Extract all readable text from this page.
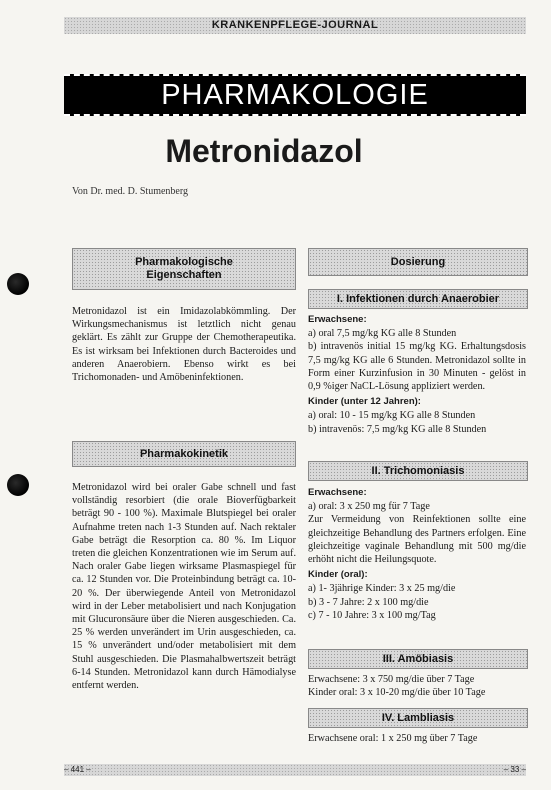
KRANKENPFLEGE-JOURNAL
PHARMAKOLOGIE
Metronidazol
Von Dr. med. D. Stumenberg
Pharmakologische Eigenschaften

Metronidazol ist ein Imidazolabkömmling. Der Wirkungsmechanismus ist letztlich nicht genau geklärt. Es zählt zur Gruppe der Chemotherapeutika. Es ist wirksam bei Infektionen durch Bacteroides und anderen Anaerobiern. Ebenso wirkt es bei Trichomonaden- und Amöbeninfektionen.

Pharmakokinetik

Metronidazol wird bei oraler Gabe schnell und fast vollständig resorbiert (die orale Bioverfügbarkeit beträgt 90 - 100 %). Maximale Blutspiegel bei oraler Aufnahme treten nach 1-3 Stunden auf. Nach rektaler Gabe beträgt die Resorption ca. 80 %. Im Liquor treten die gleichen Konzentrationen wie im Serum auf. Nach oraler Gabe liegen wirksame Plasmaspiegel für ca. 12 Stunden vor. Die Proteinbindung beträgt ca. 10-20 %. Der überwiegende Anteil von Metronidazol wird in der Leber metabolisiert und nach Konjugation mit Glucuronsäure über die Nieren ausgeschieden. Ca. 25 % werden unverändert im Urin ausgeschieden, ca. 15 % unverändert und/oder metabolisiert mit dem Stuhl ausgeschieden. Die Plasmahalbwertszeit beträgt 6-14 Stunden. Metronidazol kann durch Hämodialyse entfernt werden.

Dosierung
I. Infektionen durch Anaerobier
Erwachsene:

a) oral 7,5 mg/kg KG alle 8 Stunden

b) intravenös initial 15 mg/kg KG. Erhaltungsdosis 7,5 mg/kg KG alle 6 Stunden. Metronidazol sollte in Form einer Kurzinfusion in 30 Minuten - gelöst in 0,9 %iger NaCL-Lösung appliziert werden.

Kinder (unter 12 Jahren):

a) oral: 10 - 15 mg/kg KG alle 8 Stunden

b) intravenös: 7,5 mg/kg KG alle 8 Stunden

II. Trichomoniasis
Erwachsene:

a) oral: 3 x 250 mg für 7 Tage

Zur Vermeidung von Reinfektionen sollte eine gleichzeitige Behandlung des Partners erfolgen. Eine gleichzeitige vaginale Behandlung mit 500 mg/die erhöht nicht die Heilungsquote.

Kinder (oral):

a) 1- 3jährige Kinder: 3 x 25 mg/die

b) 3 - 7 Jahre: 2 x 100 mg/die

c) 7 - 10 Jahre: 3 x 100 mg/Tag

III. Amöbiasis

Erwachsene: 3 x 750 mg/die über 7 Tage

Kinder oral: 3 x 10-20 mg/die über 10 Tage

IV. Lambliasis

Erwachsene oral: 1 x 250 mg über 7 Tage

– 441 –	– 33 –
